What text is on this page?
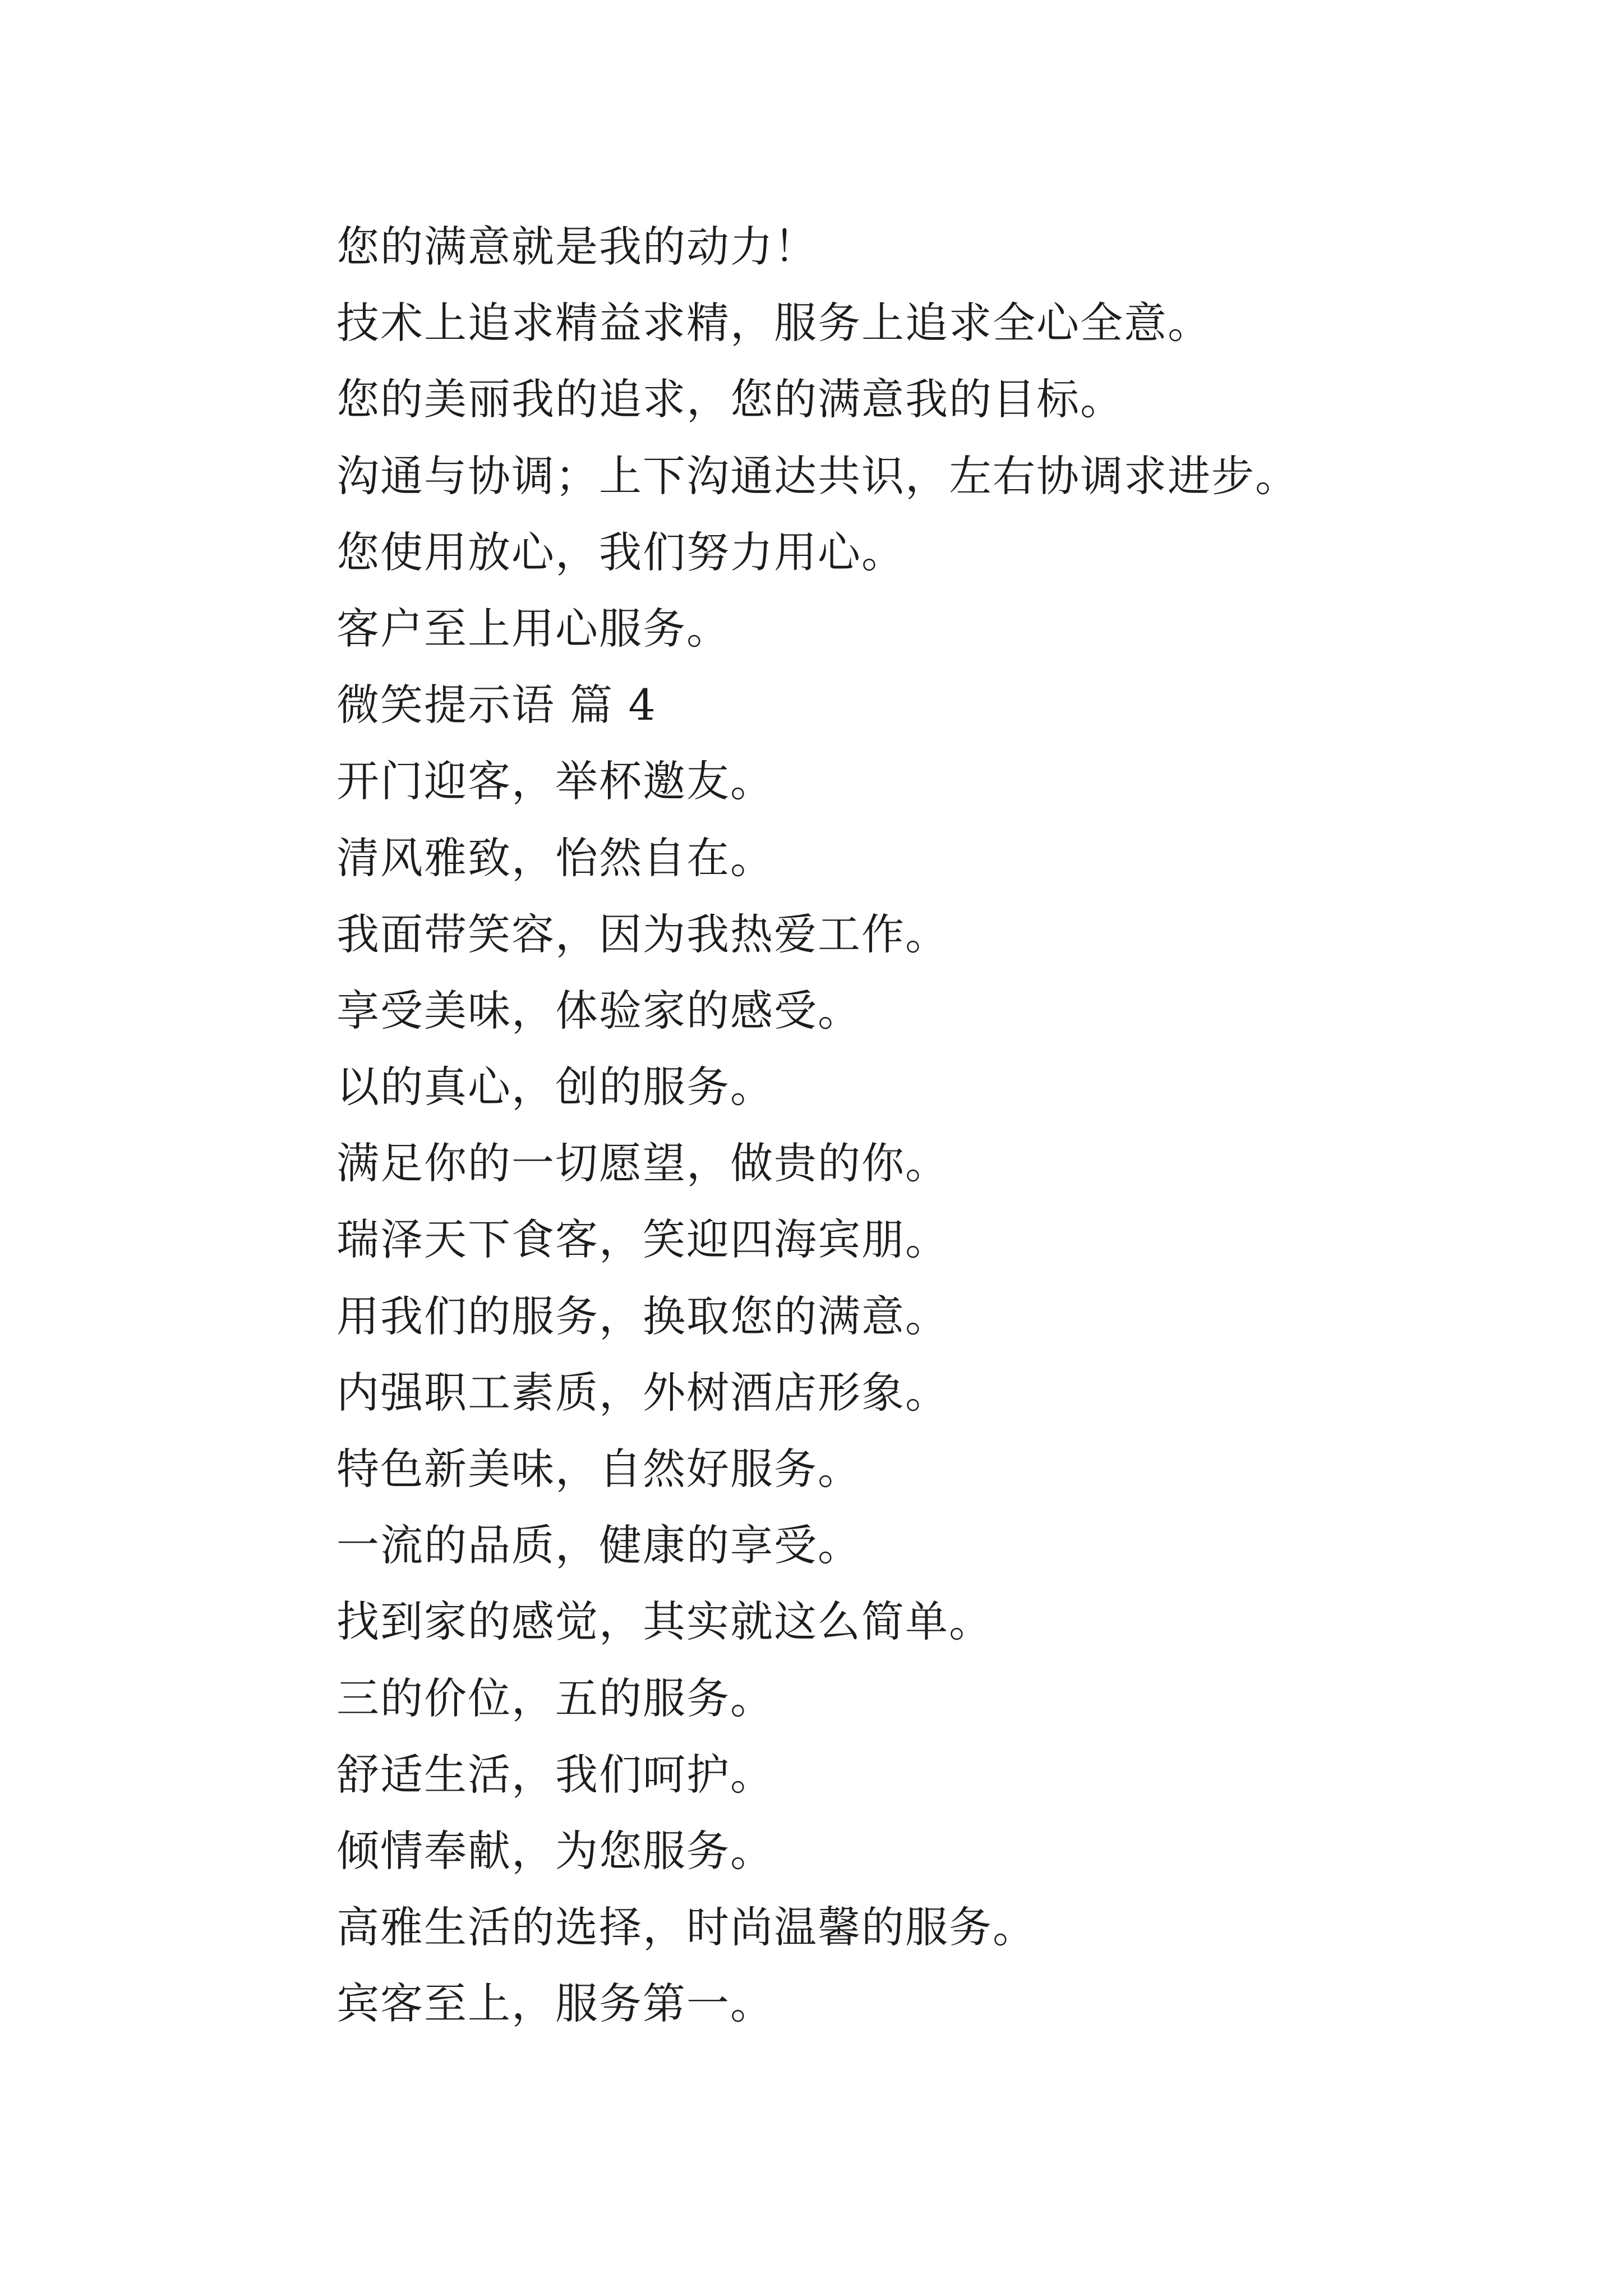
您的满意就是我的动力！
技术上追求精益求精，服务上追求全心全意。
您的美丽我的追求，您的满意我的目标。
沟通与协调；上下沟通达共识，左右协调求进步。
您使用放心，我们努力用心。
客户至上用心服务。
微笑提示语 篇 4
开门迎客，举杯邀友。
清风雅致，怡然自在。
我面带笑容，因为我热爱工作。
享受美味，体验家的感受。
以的真心，创的服务。
满足你的一切愿望，做贵的你。
瑞泽天下食客，笑迎四海宾朋。
用我们的服务，换取您的满意。
内强职工素质，外树酒店形象。
特色新美味，自然好服务。
一流的品质，健康的享受。
找到家的感觉，其实就这么简单。
三的价位，五的服务。
舒适生活，我们呵护。
倾情奉献，为您服务。
高雅生活的选择，时尚温馨的服务。
宾客至上，服务第一。
